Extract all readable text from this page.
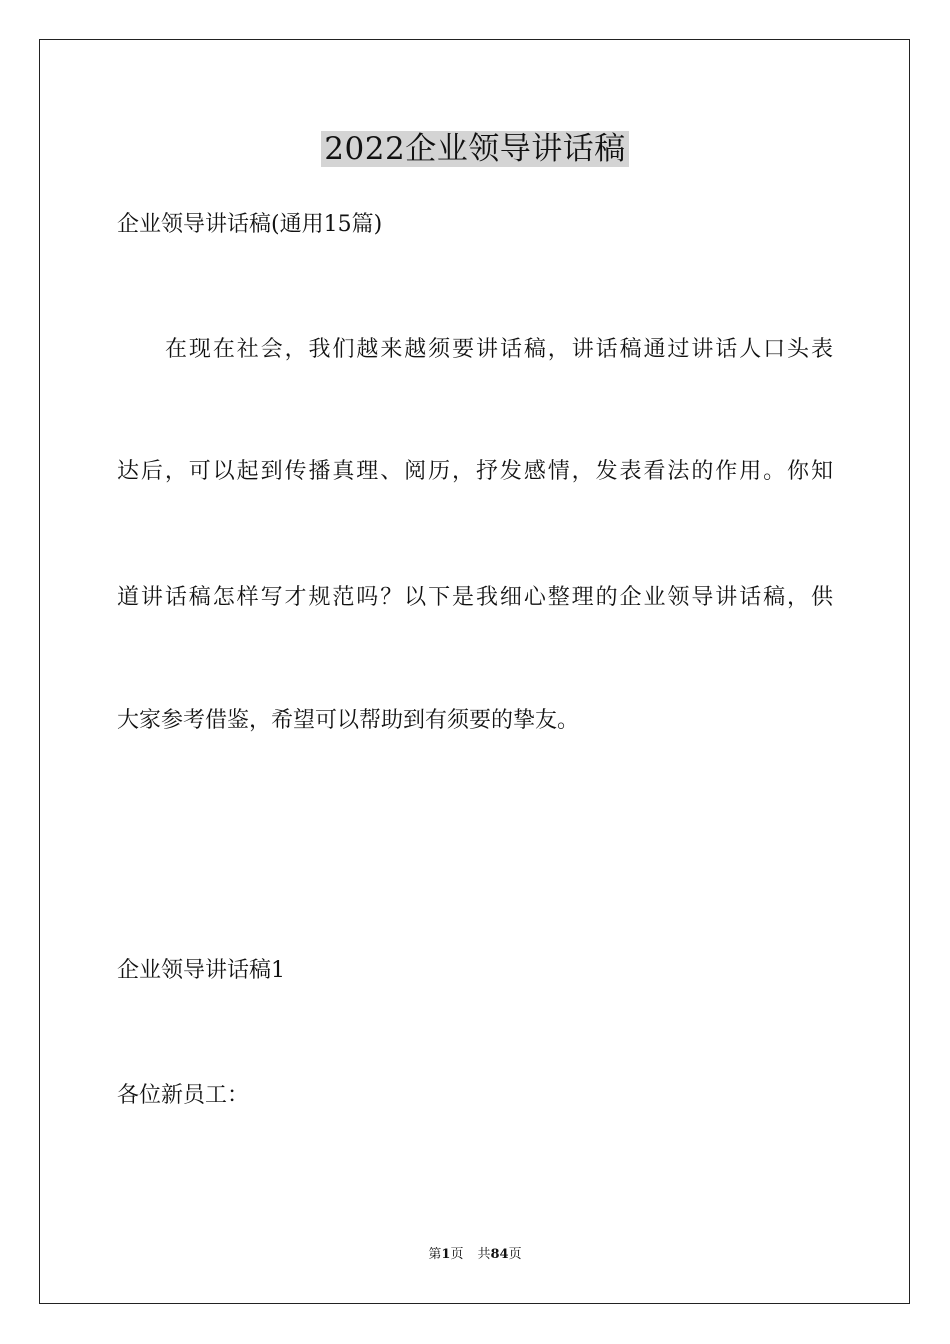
2022企业领导讲话稿
企业领导讲话稿(通用15篇)
在现在社会，我们越来越须要讲话稿，讲话稿通过讲话人口头表
达后，可以起到传播真理、阅历，抒发感情，发表看法的作用。你知
道讲话稿怎样写才规范吗？以下是我细心整理的企业领导讲话稿，供
大家参考借鉴，希望可以帮助到有须要的挚友。
企业领导讲话稿1
各位新员工：
第1页 共84页
